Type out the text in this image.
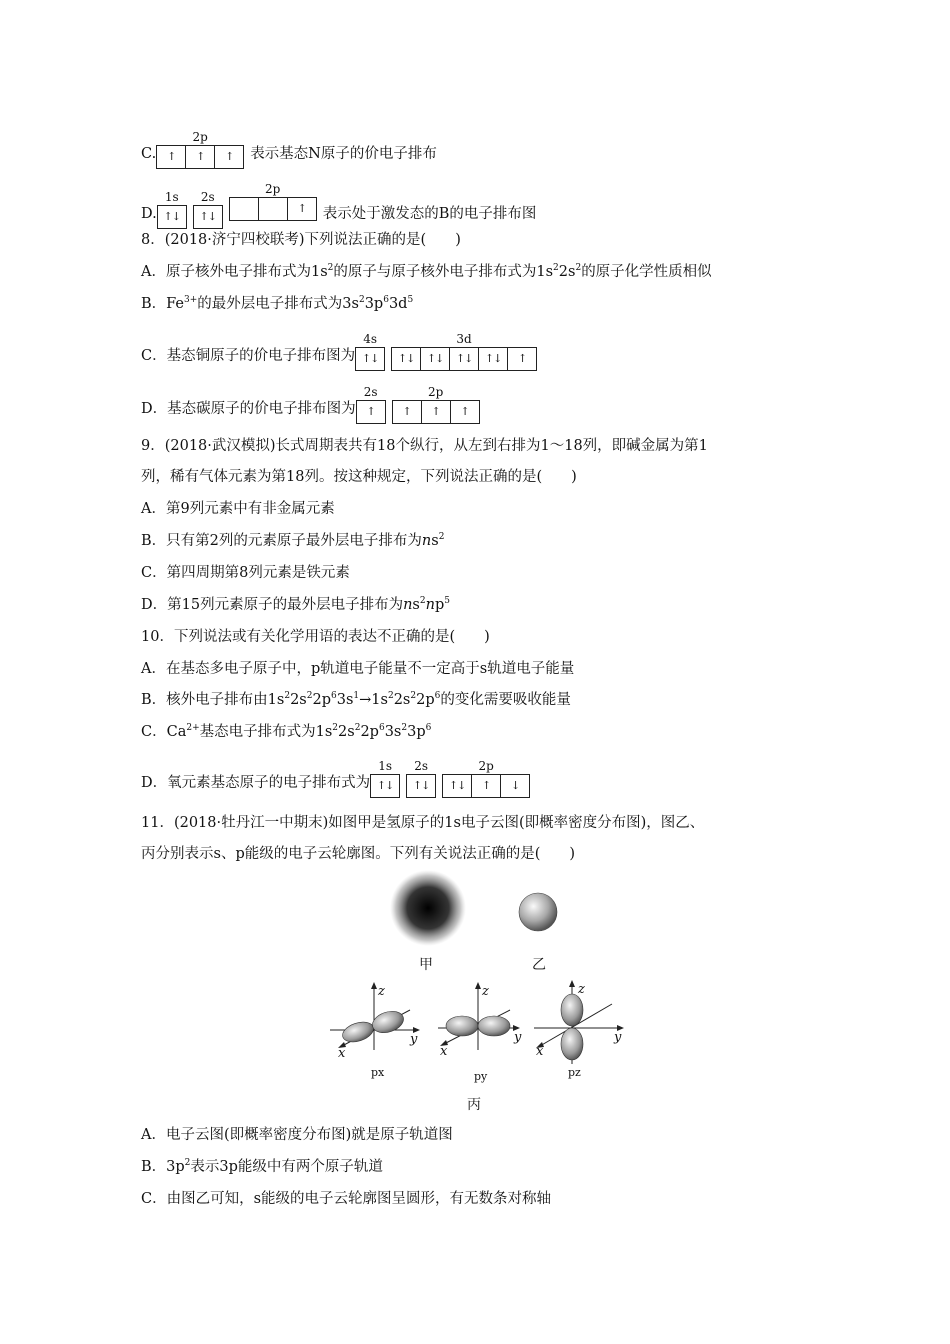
C.
2p
↑	↑	↑	表示基态N原子的价电子排布
D.
1s
↑↓
2s
↑↓
2p
↑	表示处于激发态的B的电子排布图
8．(2018·济宁四校联考)下列说法正确的是(　　)
A．原子核外电子排布式为$1s^2$的原子与原子核外电子排布式为$1s^22s^2$的原子化学性质相似
B．$Fe^{3+}$的最外层电子排布式为$3s^23p^63d^5$
C．基态铜原子的价电子排布图为
4s
↑↓
3d
↑↓	↑↓	↑↓	↑↓	↑
D．基态碳原子的价电子排布图为
2s
↑
2p
↑	↑	↑
9．(2018·武汉模拟)长式周期表共有18个纵行，从左到右排为1～18列，即碱金属为第1
列，稀有气体元素为第18列。按这种规定，下列说法正确的是(　　)
A．第9列元素中有非金属元素
B．只有第2列的元素原子最外层电子排布为$ns^2$
C．第四周期第8列元素是铁元素
D．第15列元素原子的最外层电子排布为$ns^2np^5$
10．下列说法或有关化学用语的表达不正确的是(　　)
A．在基态多电子原子中，p轨道电子能量不一定高于s轨道电子能量
B．核外电子排布由$1s^22s^22p^63s^1\to 1s^22s^22p^6$的变化需要吸收能量
C．$Ca^{2+}$基态电子排布式为$1s^22s^22p^63s^23p^6$
D．氧元素基态原子的电子排布式为
1s
↑↓
2s
↑↓
2p
↑↓	↑	↓
11．(2018·牡丹江一中期末)如图甲是氢原子的1s电子云图(即概率密度分布图)，图乙、
丙分别表示s、p能级的电子云轮廓图。下列有关说法正确的是(　　)
甲	乙
z
y
x
z
y
x
z
y
x
px	py	pz
丙
A．电子云图(即概率密度分布图)就是原子轨道图
B．$3p^2$表示3p能级中有两个原子轨道
C．由图乙可知，s能级的电子云轮廓图呈圆形，有无数条对称轴
